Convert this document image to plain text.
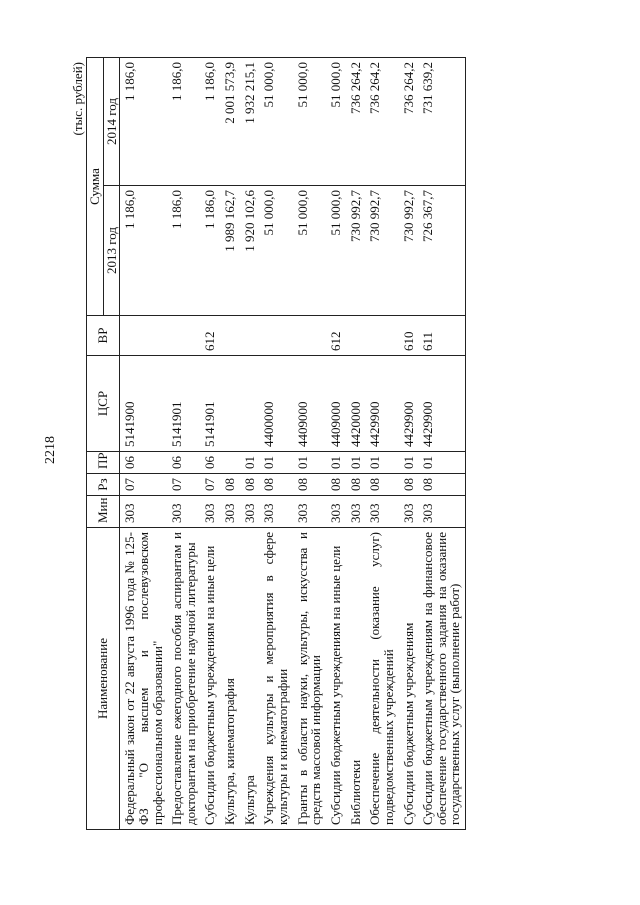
2218
(тыс. рублей)
Наименование	Мин	Рз	ПР	ЦСР	ВР	Сумма	
						2013 год	2014 год
Федеральный закон от 22 августа 1996 года № 125-ФЗ "О высшем и послевузовском профессиональном образовании"	303	07	06	5141900		1 186,0	1 186,0
Предоставление ежегодного пособия аспирантам и докторантам на приобретение научной литературы	303	07	06	5141901		1 186,0	1 186,0
Субсидии бюджетным учреждениям на иные цели	303	07	06	5141901	612	1 186,0	1 186,0
Культура, кинематография	303	08				1 989 162,7	2 001 573,9
Культура	303	08	01			1 920 102,6	1 932 215,1
Учреждения культуры и мероприятия в сфере культуры и кинематографии	303	08	01	4400000		51 000,0	51 000,0
Гранты в области науки, культуры, искусства и средств массовой информации	303	08	01	4409000		51 000,0	51 000,0
Субсидии бюджетным учреждениям на иные цели	303	08	01	4409000	612	51 000,0	51 000,0
Библиотеки	303	08	01	4420000		730 992,7	736 264,2
Обеспечение деятельности (оказание услуг) подведомственных учреждений	303	08	01	4429900		730 992,7	736 264,2
Субсидии бюджетным учреждениям	303	08	01	4429900	610	730 992,7	736 264,2
Субсидии бюджетным учреждениям на финансовое обеспечение государственного задания на оказание государственных услуг (выполнение работ)	303	08	01	4429900	611	726 367,7	731 639,2
